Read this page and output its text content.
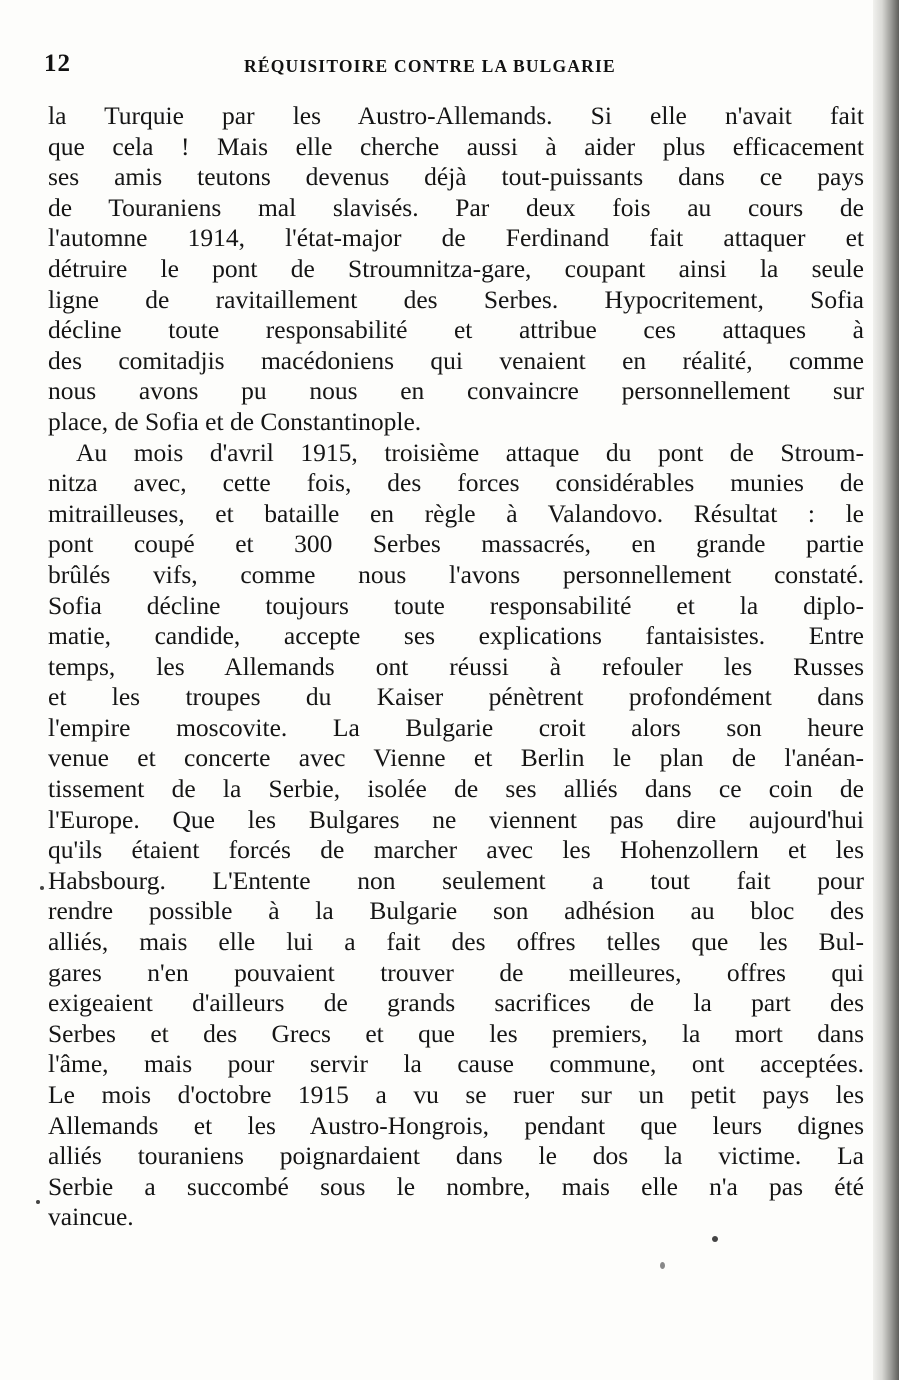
12	RÉQUISITOIRE CONTRE LA BULGARIE

la Turquie par les Austro-Allemands. Si elle n'avait fait
que cela ! Mais elle cherche aussi à aider plus efficacement
ses amis teutons devenus déjà tout-puissants dans ce pays
de Touraniens mal slavisés. Par deux fois au cours de
l'automne 1914, l'état-major de Ferdinand fait attaquer et
détruire le pont de Stroumnitza-gare, coupant ainsi la seule
ligne de ravitaillement des Serbes. Hypocritement, Sofia
décline toute responsabilité et attribue ces attaques à
des comitadjis macédoniens qui venaient en réalité, comme
nous avons pu nous en convaincre personnellement sur
place, de Sofia et de Constantinople.

Au mois d'avril 1915, troisième attaque du pont de Stroum-
nitza avec, cette fois, des forces considérables munies de
mitrailleuses, et bataille en règle à Valandovo. Résultat : le
pont coupé et 300 Serbes massacrés, en grande partie
brûlés vifs, comme nous l'avons personnellement constaté.
Sofia décline toujours toute responsabilité et la diplo-
matie, candide, accepte ses explications fantaisistes. Entre
temps, les Allemands ont réussi à refouler les Russes
et les troupes du Kaiser pénètrent profondément dans
l'empire moscovite. La Bulgarie croit alors son heure
venue et concerte avec Vienne et Berlin le plan de l'anéan-
tissement de la Serbie, isolée de ses alliés dans ce coin de
l'Europe. Que les Bulgares ne viennent pas dire aujourd'hui
qu'ils étaient forcés de marcher avec les Hohenzollern et les
Habsbourg. L'Entente non seulement a tout fait pour
rendre possible à la Bulgarie son adhésion au bloc des
alliés, mais elle lui a fait des offres telles que les Bul-
gares n'en pouvaient trouver de meilleures, offres qui
exigeaient d'ailleurs de grands sacrifices de la part des
Serbes et des Grecs et que les premiers, la mort dans
l'âme, mais pour servir la cause commune, ont acceptées.
Le mois d'octobre 1915 a vu se ruer sur un petit pays les
Allemands et les Austro-Hongrois, pendant que leurs dignes
alliés touraniens poignardaient dans le dos la victime. La
Serbie a succombé sous le nombre, mais elle n'a pas été
vaincue.
